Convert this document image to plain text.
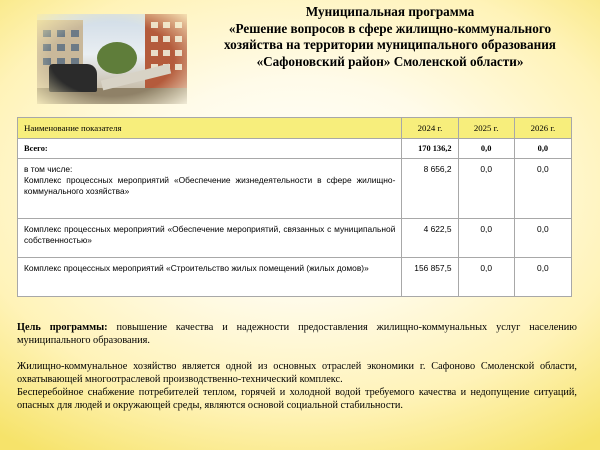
Муниципальная программа
«Решение вопросов в сфере жилищно-коммунального
хозяйства на территории муниципального образования
«Сафоновский район» Смоленской области»
Наименование показателя	2024 г.	2025 г.	2026 г.
Всего:	170 136,2	0,0	0,0

в том числе:
Комплекс процессных мероприятий «Обеспечение жизнедеятельности в сфере жилищно-коммунального хозяйства»	8 656,2	0,0	0,0
Комплекс процессных мероприятий «Обеспечение мероприятий, связанных с муниципальной собственностью»	4 622,5	0,0	0,0
Комплекс процессных мероприятий «Строительство жилых помещений (жилых домов)»	156 857,5	0,0	0,0

Цель программы: повышение качества и надежности предоставления жилищно-коммунальных услуг населению муниципального образования.

Жилищно-коммунальное хозяйство является одной из основных отраслей экономики г. Сафоново Смоленской области, охватывающей многоотраслевой производственно-технический комплекс.

Бесперебойное снабжение потребителей теплом, горячей и холодной водой требуемого качества и недопущение ситуаций, опасных для людей и окружающей среды, являются основой социальной стабильности.
